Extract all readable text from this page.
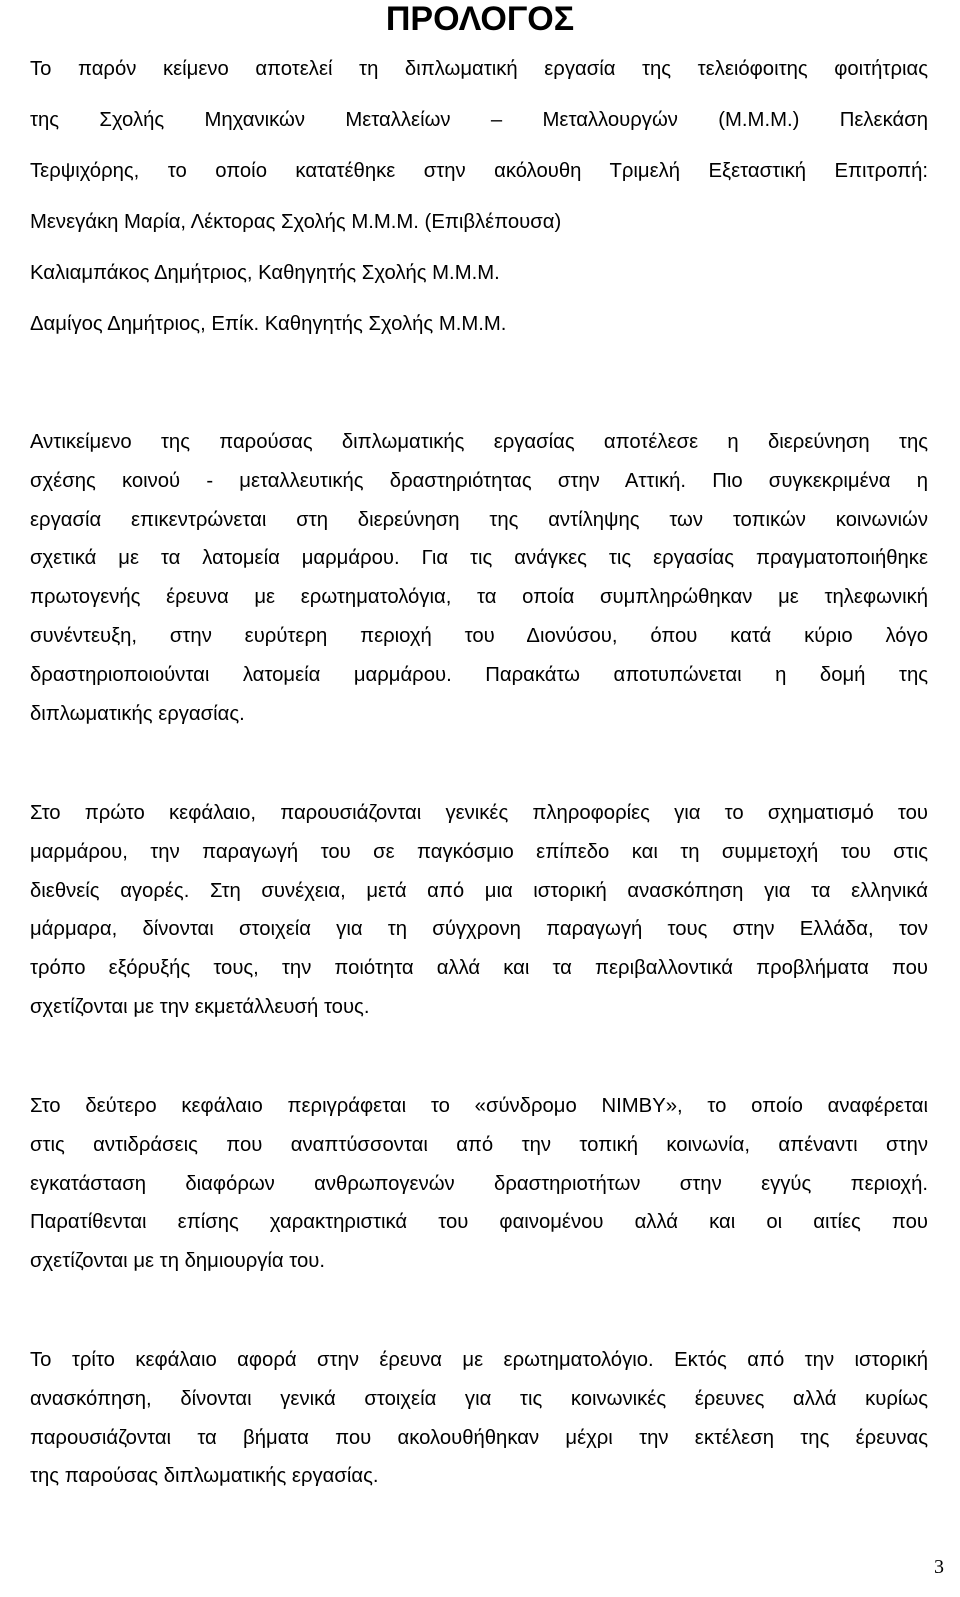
ΠΡΟΛΟΓΟΣ
Το παρόν κείμενο αποτελεί τη διπλωματική εργασία της τελειόφοιτης φοιτήτριας
της Σχολής Μηχανικών Μεταλλείων – Μεταλλουργών (Μ.Μ.Μ.) Πελεκάση
Τερψιχόρης, το οποίο κατατέθηκε στην ακόλουθη Τριμελή Εξεταστική Επιτροπή:
Μενεγάκη Μαρία, Λέκτορας Σχολής Μ.Μ.Μ. (Επιβλέπουσα)
Καλιαμπάκος Δημήτριος, Καθηγητής Σχολής Μ.Μ.Μ.
Δαμίγος Δημήτριος, Επίκ. Καθηγητής Σχολής Μ.Μ.Μ.
Αντικείμενο της παρούσας διπλωματικής εργασίας αποτέλεσε η διερεύνηση της
σχέσης κοινού - μεταλλευτικής δραστηριότητας στην Αττική. Πιο συγκεκριμένα η
εργασία επικεντρώνεται στη διερεύνηση της αντίληψης των τοπικών κοινωνιών
σχετικά με τα λατομεία μαρμάρου. Για τις ανάγκες τις εργασίας πραγματοποιήθηκε
πρωτογενής έρευνα με ερωτηματολόγια, τα οποία συμπληρώθηκαν με τηλεφωνική
συνέντευξη, στην ευρύτερη περιοχή του Διονύσου, όπου κατά κύριο λόγο
δραστηριοποιούνται λατομεία μαρμάρου. Παρακάτω αποτυπώνεται η δομή της
διπλωματικής εργασίας.
Στο πρώτο κεφάλαιο, παρουσιάζονται γενικές πληροφορίες για το σχηματισμό του
μαρμάρου, την παραγωγή του σε παγκόσμιο επίπεδο και τη συμμετοχή του στις
διεθνείς αγορές. Στη συνέχεια, μετά από μια ιστορική ανασκόπηση για τα ελληνικά
μάρμαρα, δίνονται στοιχεία για τη σύγχρονη παραγωγή τους στην Ελλάδα, τον
τρόπο εξόρυξής τους, την ποιότητα αλλά και τα περιβαλλοντικά προβλήματα που
σχετίζονται με την εκμετάλλευσή τους.
Στο δεύτερο κεφάλαιο περιγράφεται το «σύνδρομο NIMBY», το οποίο αναφέρεται
στις αντιδράσεις που αναπτύσσονται από την τοπική κοινωνία, απέναντι στην
εγκατάσταση διαφόρων ανθρωπογενών δραστηριοτήτων στην εγγύς περιοχή.
Παρατίθενται επίσης χαρακτηριστικά του φαινομένου αλλά και οι αιτίες που
σχετίζονται με τη δημιουργία του.
Το τρίτο κεφάλαιο αφορά στην έρευνα με ερωτηματολόγιο. Εκτός από την ιστορική
ανασκόπηση, δίνονται γενικά στοιχεία για τις κοινωνικές έρευνες αλλά κυρίως
παρουσιάζονται τα βήματα που ακολουθήθηκαν μέχρι την εκτέλεση της έρευνας
της παρούσας διπλωματικής εργασίας.
3
